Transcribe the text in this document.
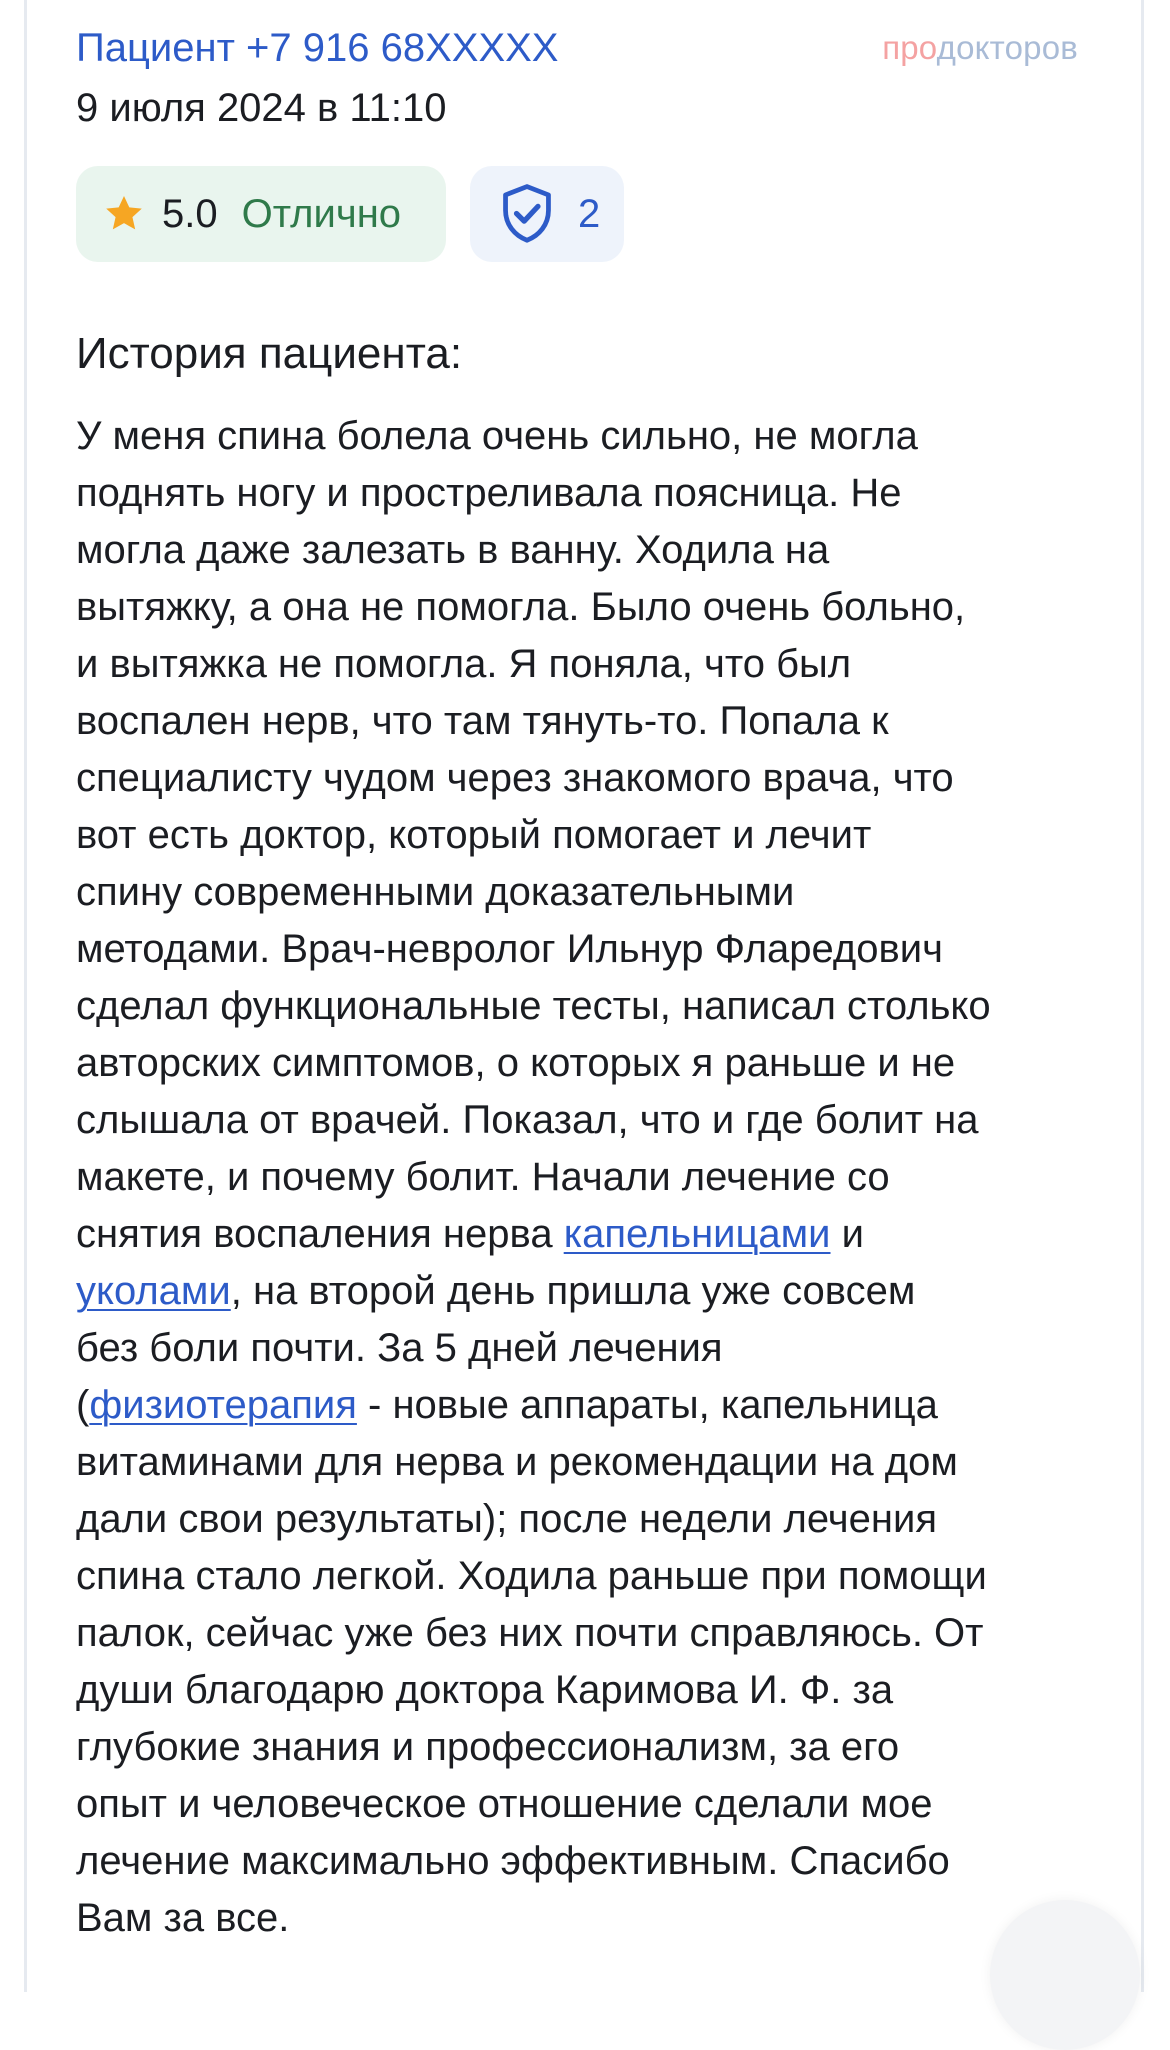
Пациент +7 916 68XXXXX
9 июля 2024 в 11:10
продокторов
5.0 Отлично	2
История пациента:
У меня спина болела очень сильно, не могла
поднять ногу и простреливала поясница. Не
могла даже залезать в ванну. Ходила на
вытяжку, а она не помогла. Было очень больно,
и вытяжка не помогла. Я поняла, что был
воспален нерв, что там тянуть-то. Попала к
специалисту чудом через знакомого врача, что
вот есть доктор, который помогает и лечит
спину современными доказательными
методами. Врач-невролог Ильнур Фларедович
сделал функциональные тесты, написал столько
авторских симптомов, о которых я раньше и не
слышала от врачей. Показал, что и где болит на
макете, и почему болит. Начали лечение со
снятия воспаления нерва капельницами и
уколами, на второй день пришла уже совсем
без боли почти. За 5 дней лечения
(физиотерапия - новые аппараты, капельница
витаминами для нерва и рекомендации на дом
дали свои результаты); после недели лечения
спина стало легкой. Ходила раньше при помощи
палок, сейчас уже без них почти справляюсь. От
души благодарю доктора Каримова И. Ф. за
глубокие знания и профессионализм, за его
опыт и человеческое отношение сделали мое
лечение максимально эффективным. Спасибо
Вам за все.
